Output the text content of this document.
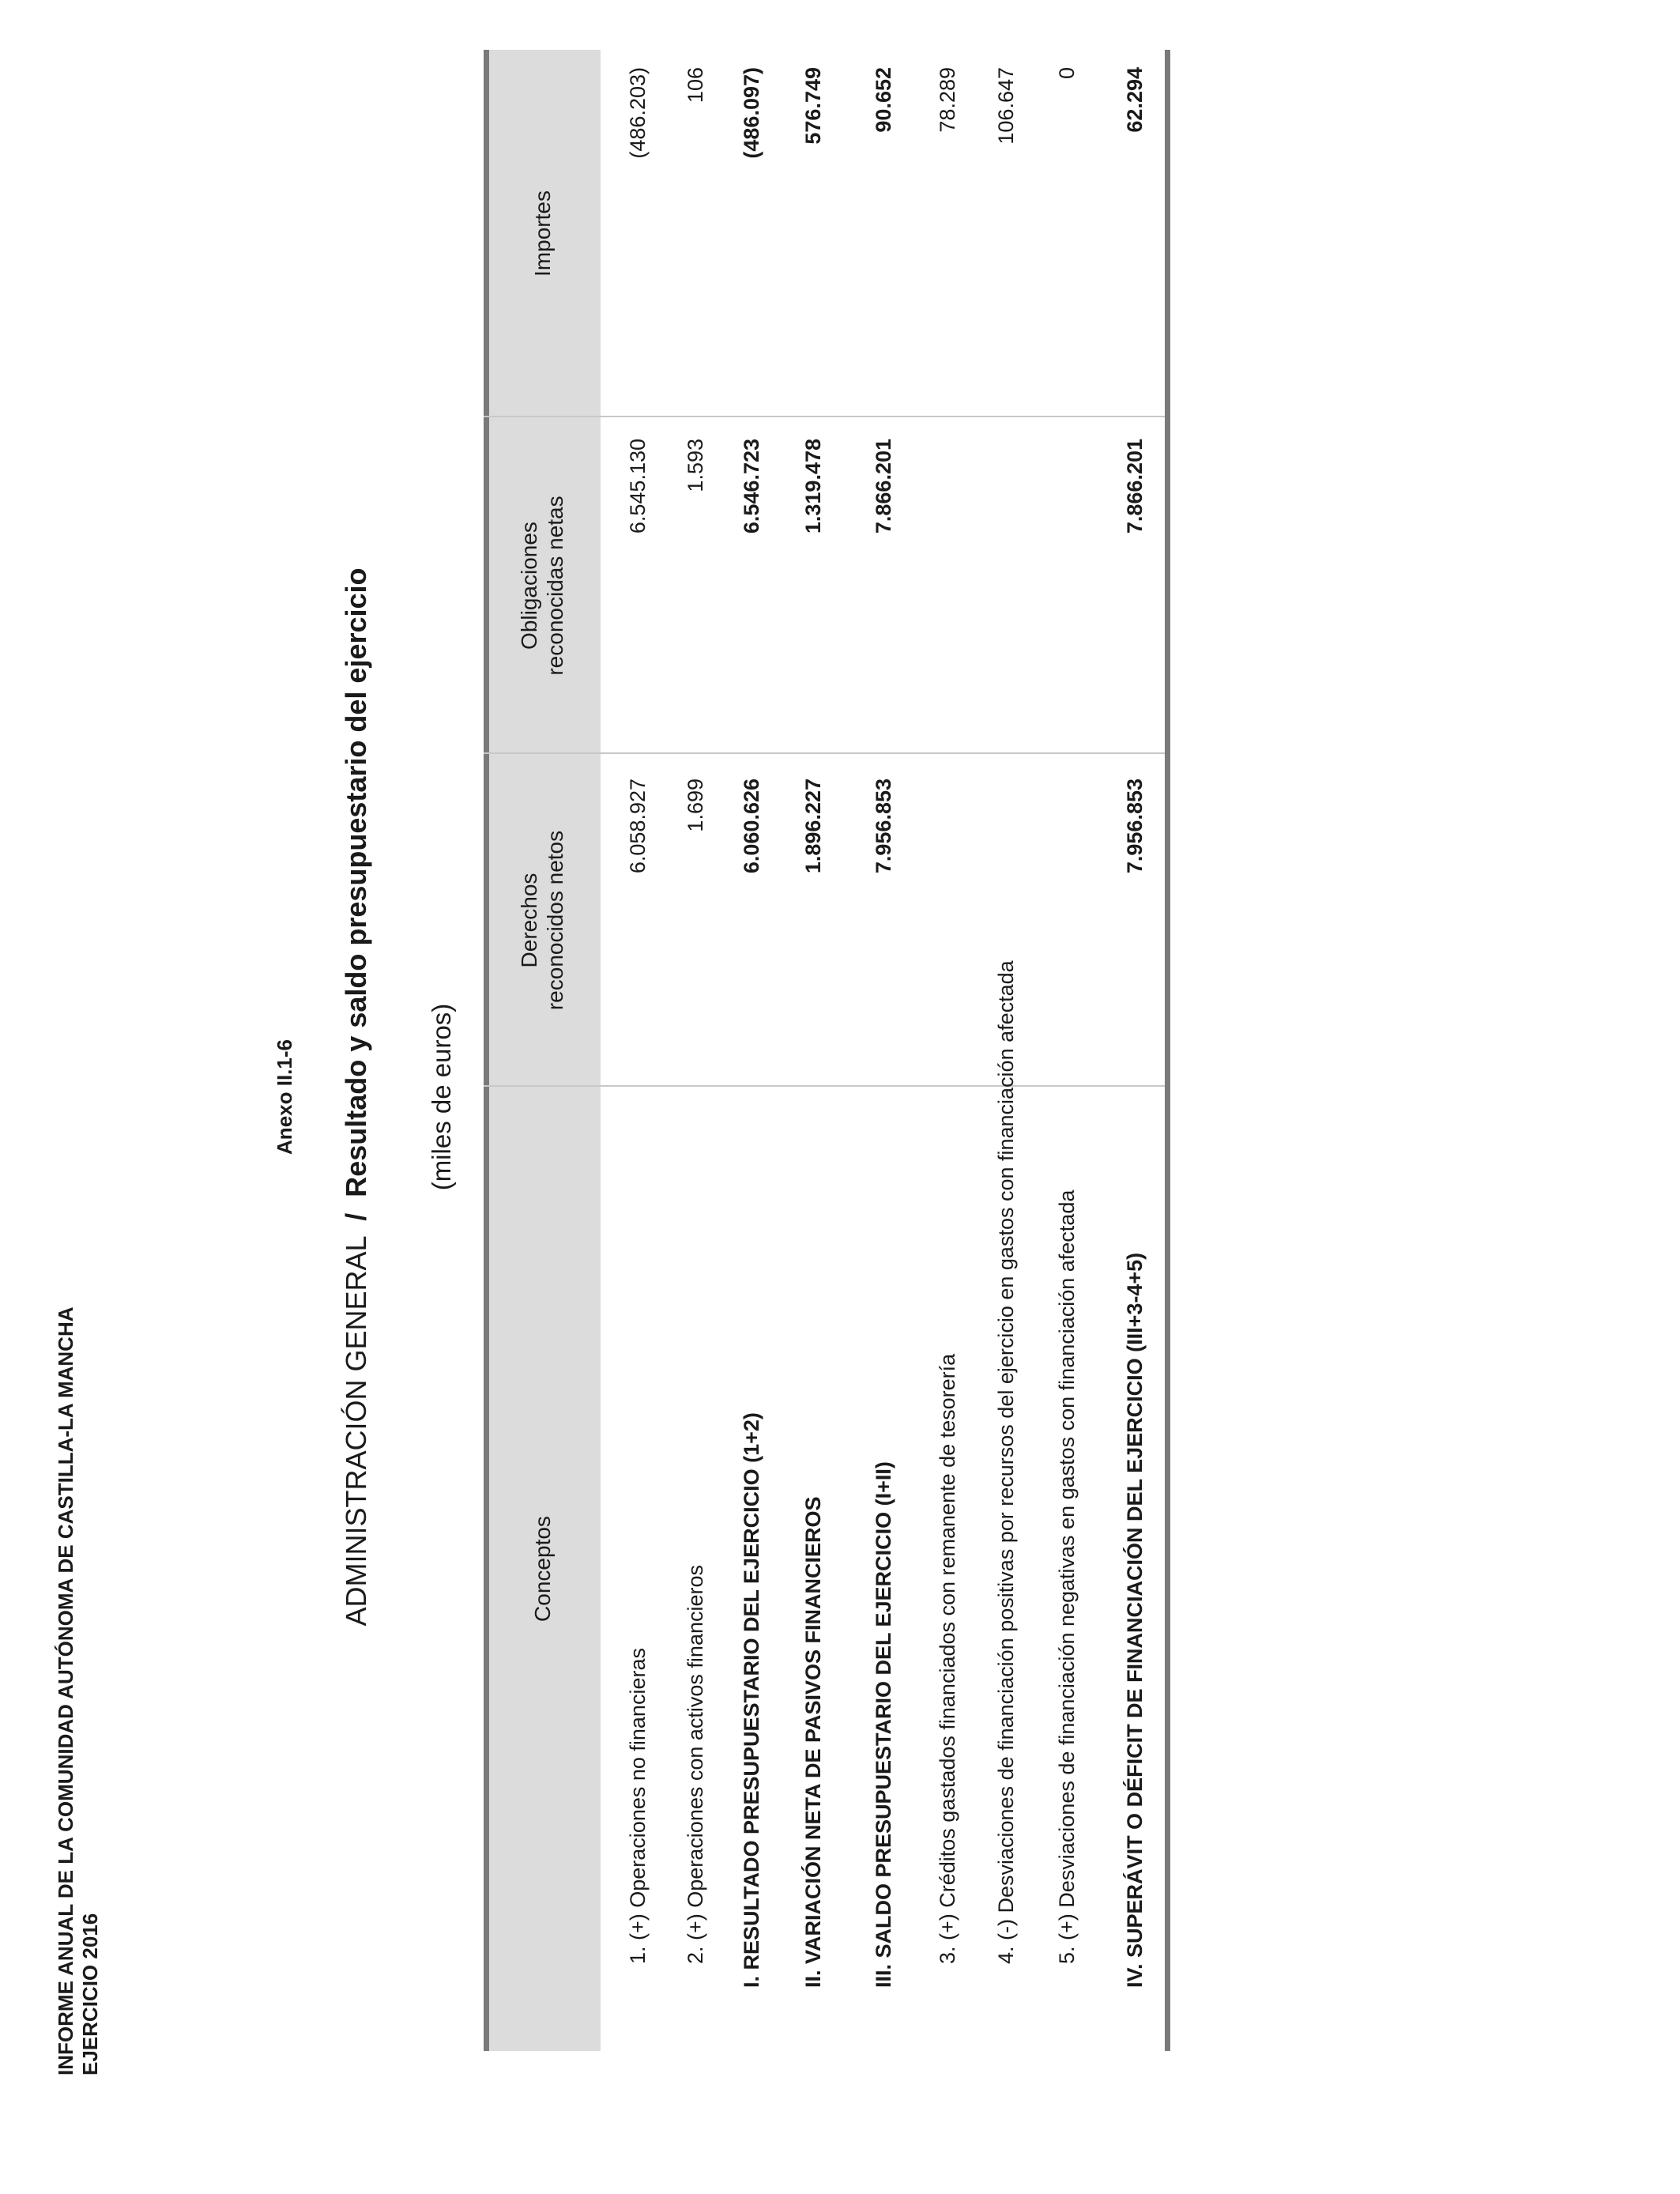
INFORME ANUAL DE LA COMUNIDAD AUTÓNOMA DE CASTILLA-LA MANCHA EJERCICIO 2016
Anexo II.1-6
ADMINISTRACIÓN GENERAL  /  Resultado y saldo presupuestario del ejercicio (miles de euros)
Conceptos
Derechos reconocidos netos
Obligaciones reconocidas netas
Importes
1. (+) Operaciones no financieras
6.058.927
6.545.130
(486.203)
2. (+) Operaciones con activos financieros
1.699
1.593
106
I. RESULTADO PRESUPUESTARIO DEL EJERCICIO (1+2)
6.060.626
6.546.723
(486.097)
II. VARIACIÓN NETA DE PASIVOS FINANCIEROS
1.896.227
1.319.478
576.749
III. SALDO PRESUPUESTARIO DEL EJERCICIO (I+II)
7.956.853
7.866.201
90.652
3. (+) Créditos gastados financiados con remanente de tesorería
78.289
4. (-) Desviaciones de financiación positivas por recursos del ejercicio en gastos con financiación afectada
106.647
5. (+) Desviaciones de financiación negativas en gastos con financiación afectada
0
IV. SUPERÁVIT O DÉFICIT DE FINANCIACIÓN DEL EJERCICIO (III+3-4+5)
7.956.853
7.866.201
62.294
